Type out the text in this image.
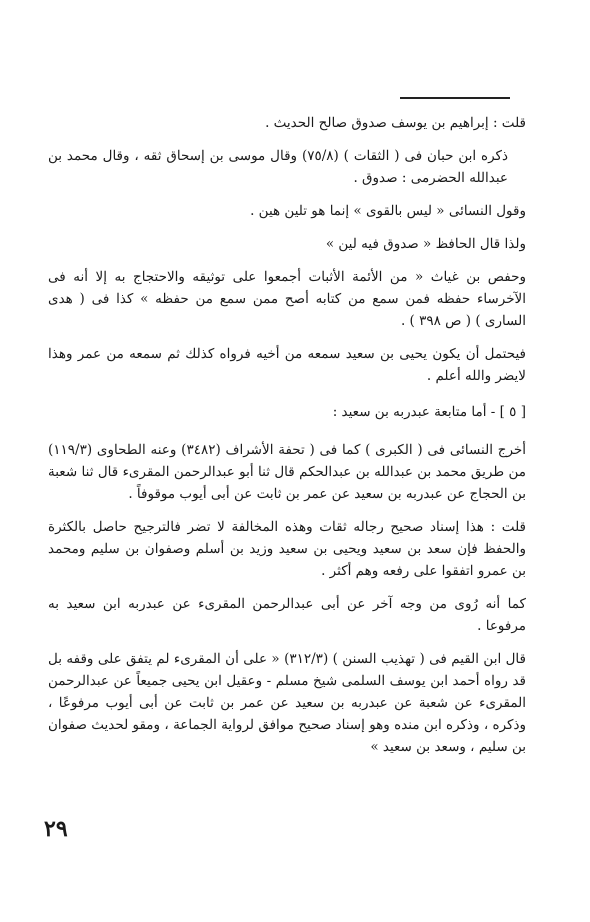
قلت : إبراهيم بن يوسف صدوق صالح الحديث .

ذكره ابن حبان فى ( الثقات ) (٧٥/٨) وقال موسى بن إسحاق ثقه ، وقال محمد بن عبدالله الحضرمى : صدوق .

وقول النسائى « ليس بالقوى » إنما هو تلين هين .

ولذا قال الحافظ « صدوق فيه لين »

وحفص بن غياث « من الأئمة الأثبات أجمعوا على توثيقه والاحتجاج به إلا أنه فى الآخرساء حفظه فمن سمع من كتابه أصح ممن سمع من حفظه » كذا فى ( هدى السارى ) ( ص ٣٩٨ ) .

فيحتمل أن يكون يحيى بن سعيد سمعه من أخيه فرواه كذلك ثم سمعه من عمر وهذا لايضر والله أعلم .

[ ٥ ] - أما متابعة عبدربه بن سعيد :

أخرج النسائى فى ( الكبرى ) كما فى ( تحفة الأشراف (٣٤٨٢) وعنه الطحاوى (١١٩/٣) من طريق محمد بن عبدالله بن عبدالحكم قال ثنا أبو عبدالرحمن المقرىء قال ثنا شعبة بن الحجاج عن عبدربه بن سعيد عن عمر بن ثابت عن أبى أيوب موقوفاً .

قلت : هذا إسناد صحيح رجاله ثقات وهذه المخالفة لا تضر فالترجيح حاصل بالكثرة والحفظ فإن سعد بن سعيد ويحيى بن سعيد وزيد بن أسلم وصفوان بن سليم ومحمد بن عمرو اتفقوا على رفعه وهم أكثر .

كما أنه رُوى من وجه آخر عن أبى عبدالرحمن المقرىء عن عبدربه ابن سعيد به مرفوعا .

قال ابن القيم فى ( تهذيب السنن ) (٣١٢/٣) « على أن المقرىء لم يتفق على وقفه بل قد رواه أحمد ابن يوسف السلمى شيخ مسلم - وعقيل ابن يحيى جميعاً عن عبدالرحمن المقرىء عن شعبة عن عبدربه بن سعيد عن عمر بن ثابت عن أبى أيوب مرفوعًا ، وذكره ، وذكره ابن منده وهو إسناد صحيح موافق لرواية الجماعة ، ومقو لحديث صفوان بن سليم ، وسعد بن سعيد »

٢٩
